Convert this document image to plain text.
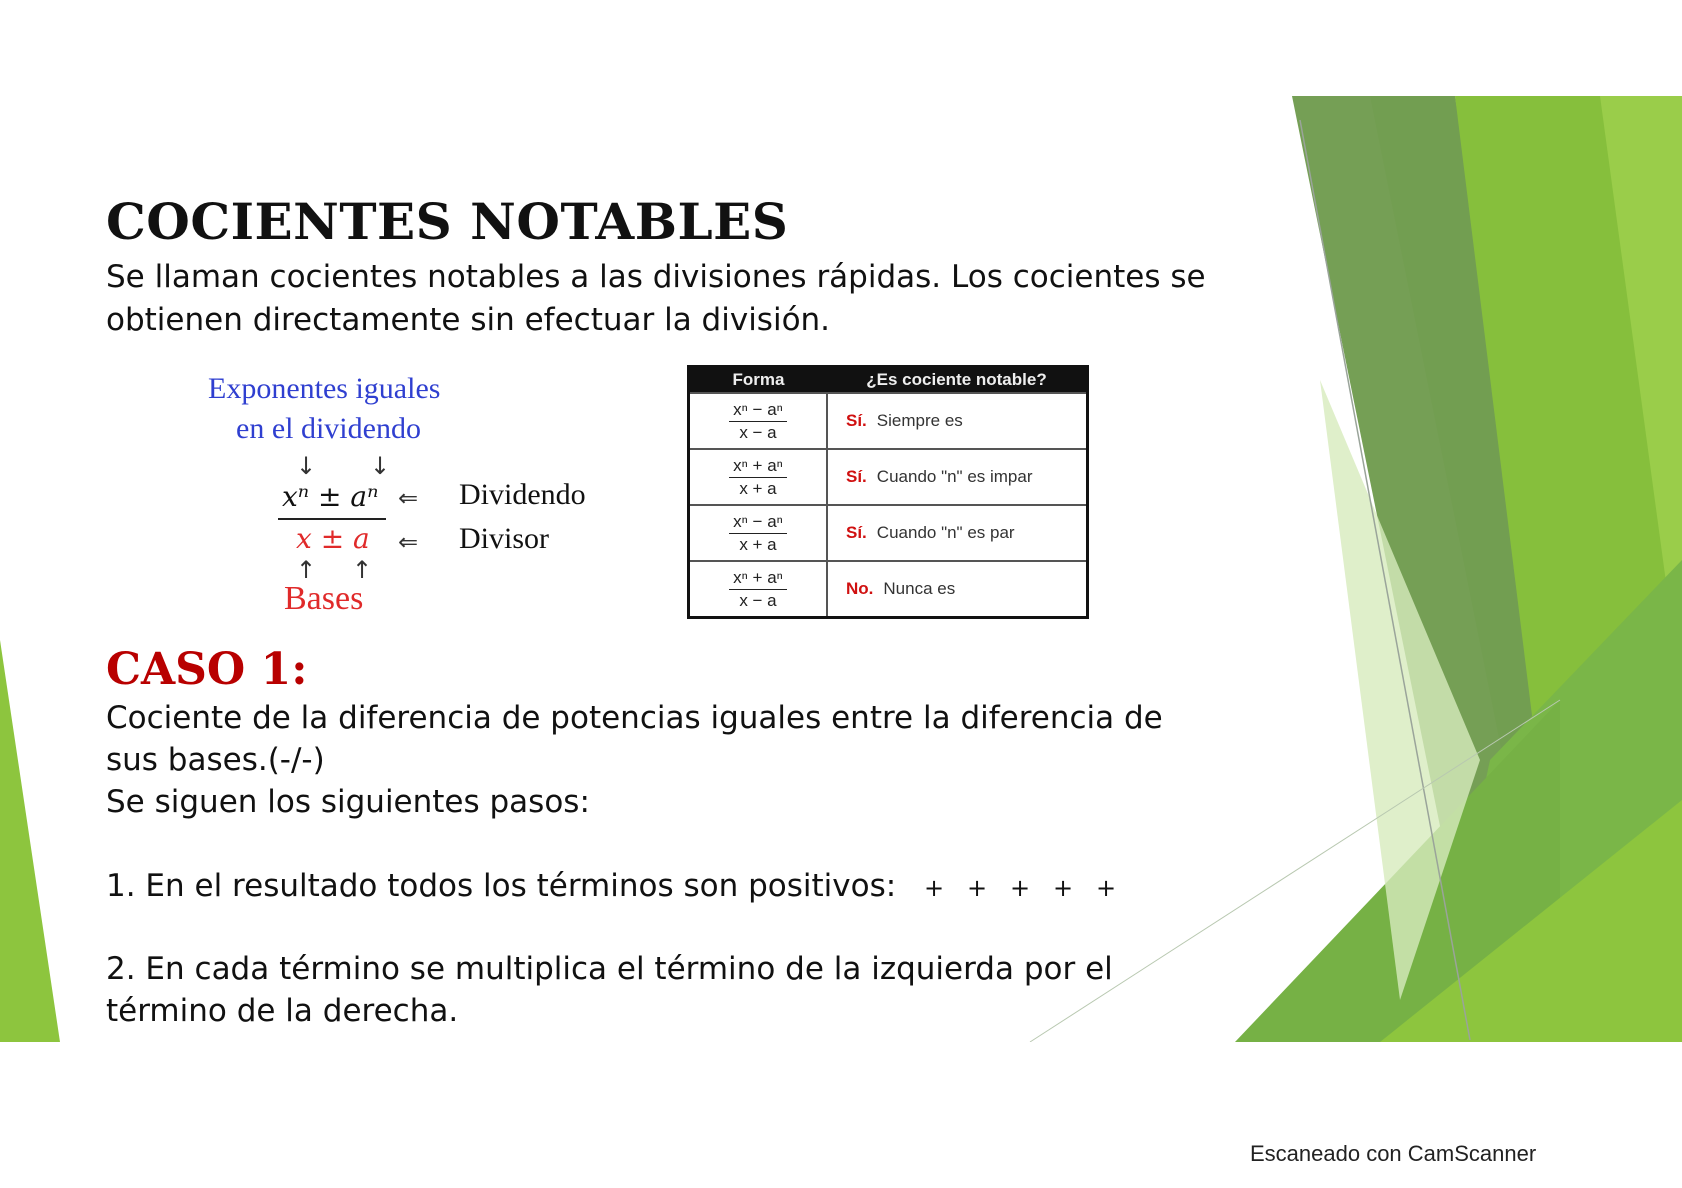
COCIENTES NOTABLES
Se llaman cocientes notables a las divisiones rápidas. Los cocientes se obtienen directamente sin efectuar la división.
Exponentes iguales
en el dividendo
↓ ↓
xⁿ ± aⁿ
x ± a
⇐
⇐
Dividendo
Divisor
↑ ↑
Bases
Forma	¿Es cociente notable?

$\frac{\text{xⁿ − aⁿ}}{x - a}$	Sí. Siempre es

$\frac{\text{xⁿ + aⁿ}}{x + a}$	Sí. Cuando "n" es impar

$\frac{\text{xⁿ − aⁿ}}{x + a}$	Sí. Cuando "n" es par

$\frac{\text{xⁿ + aⁿ}}{x - a}$	No. Nunca es
CASO 1:
Cociente de la diferencia de potencias iguales entre la diferencia de sus bases.(-/-)
Se siguen los siguientes pasos:
1. En el resultado todos los términos son positivos: +   +   +   +   +
2. En cada término se multiplica el término de la izquierda por el término de la derecha.
Escaneado con CamScanner
